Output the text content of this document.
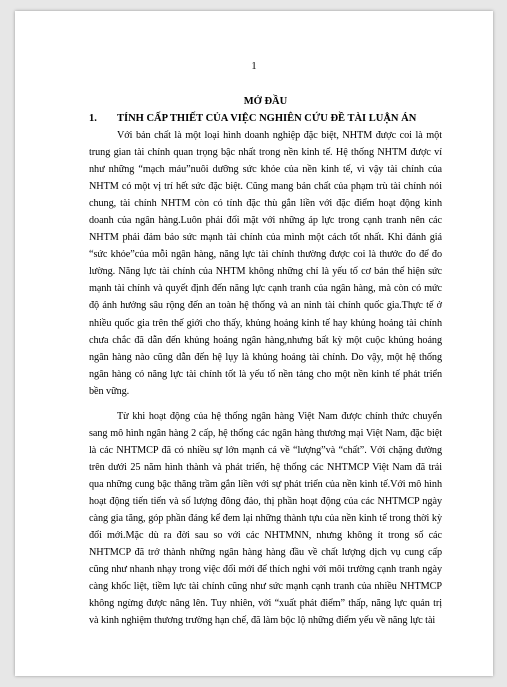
1

MỞ ĐẦU

1. TÍNH CẤP THIẾT CỦA VIỆC NGHIÊN CỨU ĐỀ TÀI LUẬN ÁN

Với bản chất là một loại hình doanh nghiệp đặc biệt, NHTM được coi là một trung gian tài chính quan trọng bậc nhất trong nền kinh tế. Hệ thống NHTM được ví như những “mạch máu”nuôi dưỡng sức khỏe của nền kinh tế, vì vậy tài chính của NHTM có một vị trí hết sức đặc biệt. Cũng mang bản chất của phạm trù tài chính nói chung, tài chính NHTM còn có tính đặc thù gắn liền với đặc điểm hoạt động kinh doanh của ngân hàng.Luôn phải đối mặt với những áp lực trong cạnh tranh nên các NHTM phải đảm bảo sức mạnh tài chính của mình một cách tốt nhất. Khi đánh giá “sức khỏe”của mỗi ngân hàng, năng lực tài chính thường được coi là thước đo để đo lường. Năng lực tài chính của NHTM không những chỉ là yếu tố cơ bản thể hiện sức mạnh tài chính và quyết định đến năng lực cạnh tranh của ngân hàng, mà còn có mức độ ảnh hưởng sâu rộng đến an toàn hệ thống và an ninh tài chính quốc gia.Thực tế ở nhiều quốc gia trên thế giới cho thấy, khủng hoảng kinh tế hay khủng hoảng tài chính chưa chắc đã dẫn đến khủng hoảng ngân hàng,nhưng bất kỳ một cuộc khủng hoảng ngân hàng nào cũng dẫn đến hệ lụy là khủng hoảng tài chính. Do vậy, một hệ thống ngân hàng có năng lực tài chính tốt là yếu tố nền tảng cho một nền kinh tế phát triển bền vững.

Từ khi hoạt động của hệ thống ngân hàng Việt Nam được chính thức chuyển sang mô hình ngân hàng 2 cấp, hệ thống các ngân hàng thương mại Việt Nam, đặc biệt là các NHTMCP đã có nhiều sự lớn mạnh cả về “lượng”và “chất”. Với chặng đường trên dưới 25 năm hình thành và phát triển, hệ thống các NHTMCP Việt Nam đã trải qua những cung bậc thăng trầm gắn liền với sự phát triển của nền kinh tế.Với mô hình hoạt động tiến tiến và số lượng đông đảo, thị phần hoạt động của các NHTMCP ngày càng gia tăng, góp phần đáng kể đem lại những thành tựu của nền kinh tế trong thời kỳ đổi mới.Mặc dù ra đời sau so với các NHTMNN, nhưng không ít trong số các NHTMCP đã trở thành những ngân hàng hàng đầu về chất lượng dịch vụ cung cấp cũng như nhanh nhạy trong việc đổi mới để thích nghi với môi trường cạnh tranh ngày càng khốc liệt, tiềm lực tài chính cũng như sức mạnh cạnh tranh của nhiều NHTMCP không ngừng được nâng lên. Tuy nhiên, với “xuất phát điểm” thấp, năng lực quản trị và kinh nghiệm thương trường hạn chế, đã làm bộc lộ những điểm yếu về năng lực tài
